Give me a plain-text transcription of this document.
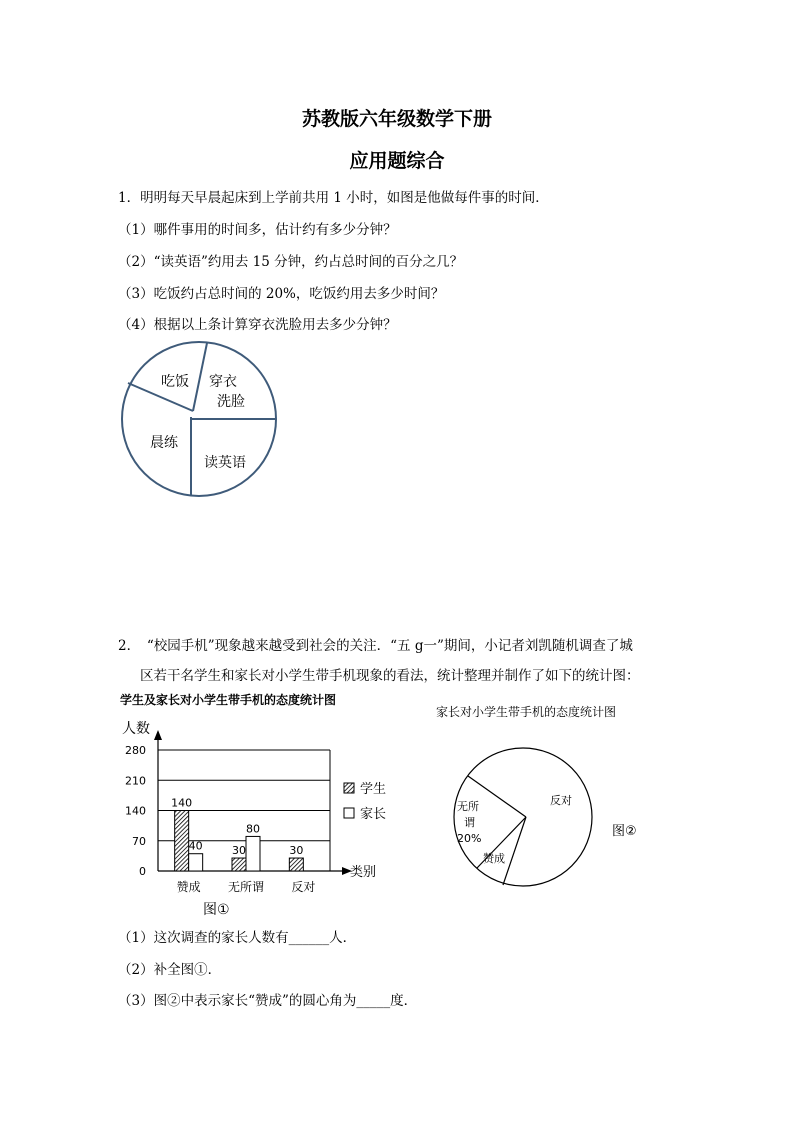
苏教版六年级数学下册
应用题综合
1．明明每天早晨起床到上学前共用 1 小时，如图是他做每件事的时间．
（1）哪件事用的时间多，估计约有多少分钟？
（2）“读英语”约用去 15 分钟，约占总时间的百分之几？
（3）吃饭约占总时间的 20%，吃饭约用去多少时间？
（4）根据以上条计算穿衣洗脸用去多少分钟？
吃饭 穿衣
洗脸
晨练
读英语
2．　“校园手机”现象越来越受到社会的关注．“五 g一”期间，小记者刘凯随机调查了城
区若干名学生和家长对小学生带手机现象的看法，统计整理并制作了如下的统计图：
学生及家长对小学生带手机的态度统计图
人数
0
70
140
210
280
类别
140
40
赞成
30
80
无所谓
30
反对
学生
家长
图①
家长对小学生带手机的态度统计图
反对
无所
谓
20%
赞成
图②
（1）这次调查的家长人数有______人．
（2）补全图①．
（3）图②中表示家长“赞成”的圆心角为_____度．
